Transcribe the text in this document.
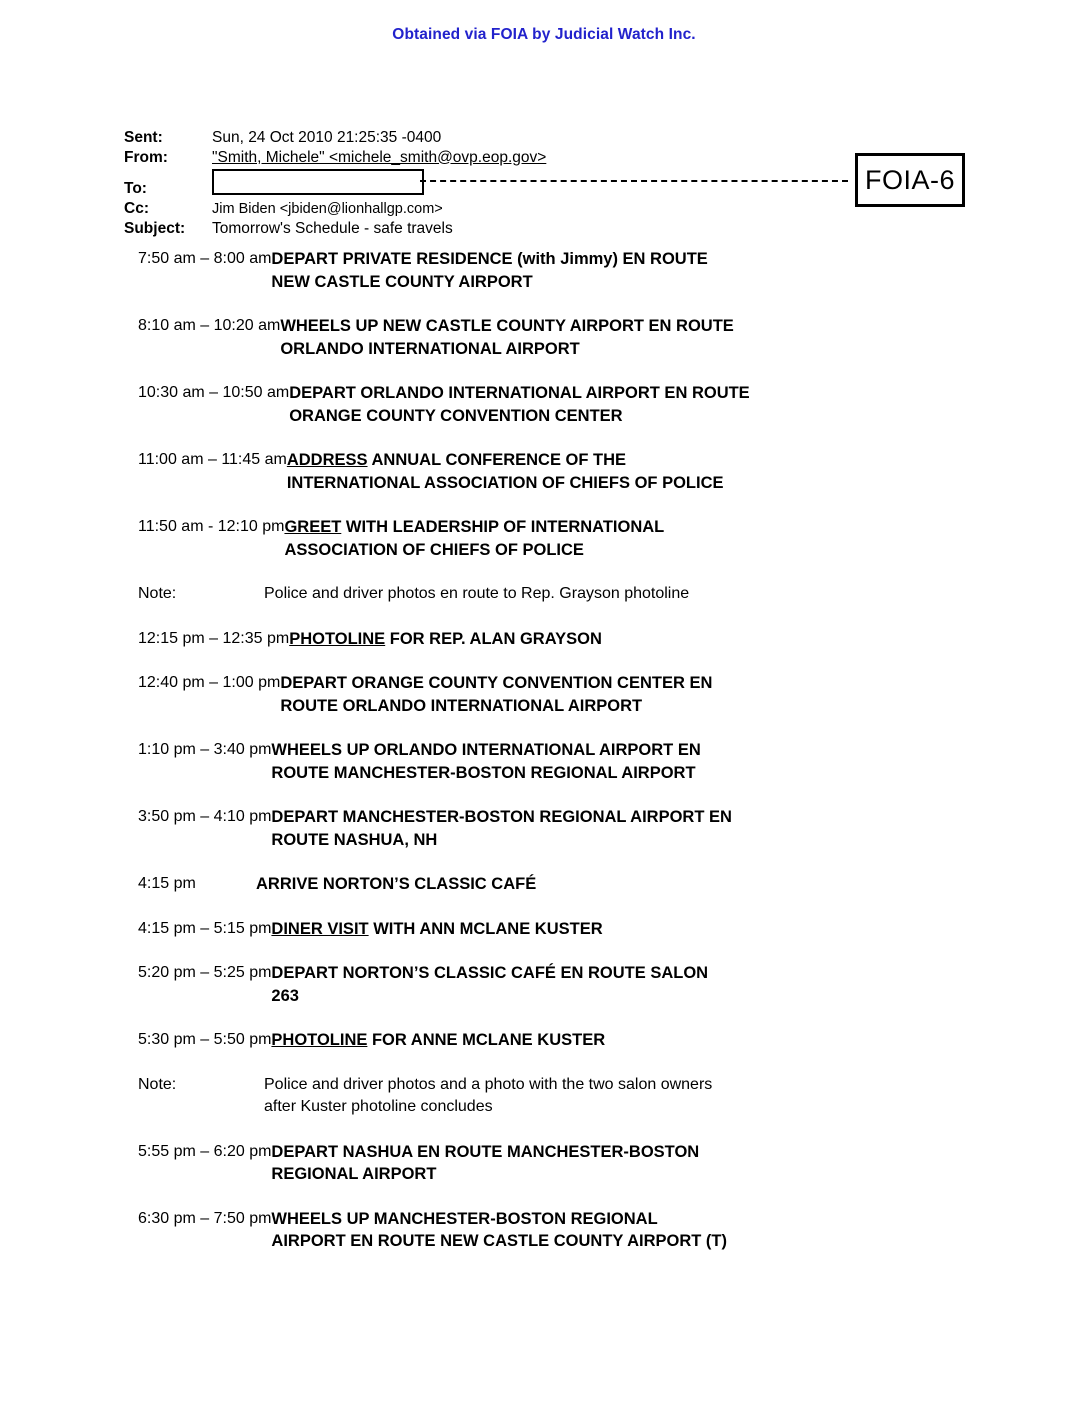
Obtained via FOIA by Judicial Watch Inc.
Sent:	Sun, 24 Oct 2010 21:25:35 -0400
From:	"Smith, Michele" <michele_smith@ovp.eop.gov>
To:
Cc:	Jim Biden <jbiden@lionhallgp.com>
Subject:	Tomorrow's Schedule - safe travels
FOIA-6
7:50 am – 8:00 am DEPART PRIVATE RESIDENCE (with Jimmy) EN ROUTE
NEW CASTLE COUNTY AIRPORT
8:10 am – 10:20 am WHEELS UP NEW CASTLE COUNTY AIRPORT EN ROUTE
ORLANDO INTERNATIONAL AIRPORT
10:30 am – 10:50 am DEPART ORLANDO INTERNATIONAL AIRPORT EN ROUTE
ORANGE COUNTY CONVENTION CENTER
11:00 am – 11:45 am ADDRESS ANNUAL CONFERENCE OF THE
INTERNATIONAL ASSOCIATION OF CHIEFS OF POLICE
11:50 am - 12:10 pm GREET WITH LEADERSHIP OF INTERNATIONAL
ASSOCIATION OF CHIEFS OF POLICE
Note:	Police and driver photos en route to Rep. Grayson photoline
12:15 pm – 12:35 pm PHOTOLINE FOR REP. ALAN GRAYSON
12:40 pm – 1:00 pm DEPART ORANGE COUNTY CONVENTION CENTER EN
ROUTE ORLANDO INTERNATIONAL AIRPORT
1:10 pm – 3:40 pm WHEELS UP ORLANDO INTERNATIONAL AIRPORT EN
ROUTE MANCHESTER-BOSTON REGIONAL AIRPORT
3:50 pm – 4:10 pm DEPART MANCHESTER-BOSTON REGIONAL AIRPORT EN
ROUTE NASHUA, NH
4:15 pm	ARRIVE NORTON’S CLASSIC CAFÉ
4:15 pm – 5:15 pm DINER VISIT WITH ANN MCLANE KUSTER
5:20 pm – 5:25 pm DEPART NORTON’S CLASSIC CAFÉ EN ROUTE SALON
263
5:30 pm – 5:50 pm PHOTOLINE FOR ANNE MCLANE KUSTER
Note:	Police and driver photos and a photo with the two salon owners
after Kuster photoline concludes
5:55 pm – 6:20 pm DEPART NASHUA EN ROUTE MANCHESTER-BOSTON
REGIONAL AIRPORT
6:30 pm – 7:50 pm WHEELS UP MANCHESTER-BOSTON REGIONAL
AIRPORT EN ROUTE NEW CASTLE COUNTY AIRPORT (T)
